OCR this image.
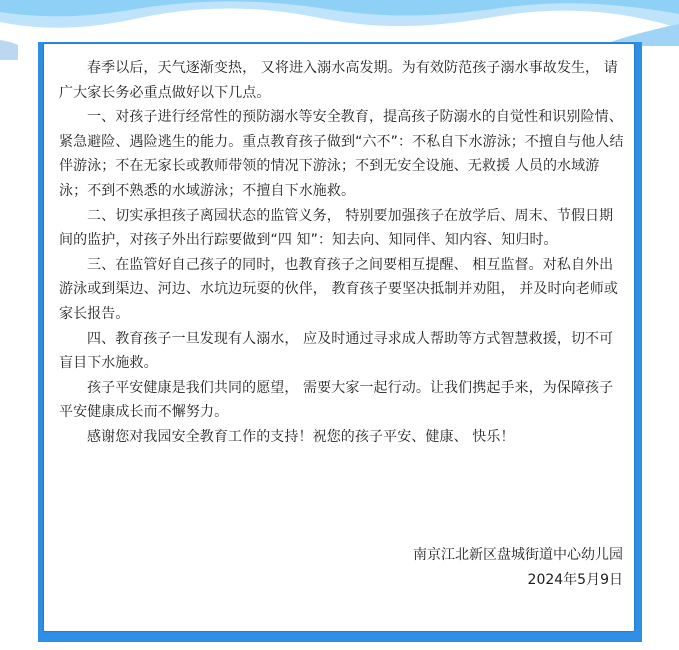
春季以后，天气逐渐变热， 又将进入溺水高发期。为有效防范孩子溺水事故发生， 请广大家长务必重点做好以下几点。

一、对孩子进行经常性的预防溺水等安全教育，提高孩子防溺水的自觉性和识别险情、紧急避险、遇险逃生的能力。重点教育孩子做到“六不”：不私自下水游泳；不擅自与他人结伴游泳；不在无家长或教师带领的情况下游泳；不到无安全设施、无救援 人员的水域游泳；不到不熟悉的水域游泳；不擅自下水施救。

二、切实承担孩子离园状态的监管义务， 特别要加强孩子在放学后、周末、节假日期间的监护，对孩子外出行踪要做到“四 知”：知去向、知同伴、知内容、知归时。

三、在监管好自己孩子的同时，也教育孩子之间要相互提醒、 相互监督。对私自外出游泳或到渠边、河边、水坑边玩耍的伙伴， 教育孩子要坚决抵制并劝阻， 并及时向老师或家长报告。

四、教育孩子一旦发现有人溺水， 应及时通过寻求成人帮助等方式智慧救援，切不可盲目下水施救。

孩子平安健康是我们共同的愿望， 需要大家一起行动。让我们携起手来，为保障孩子平安健康成长而不懈努力。

感谢您对我园安全教育工作的支持！祝您的孩子平安、健康、 快乐！

南京江北新区盘城街道中心幼儿园
2024年5月9日
